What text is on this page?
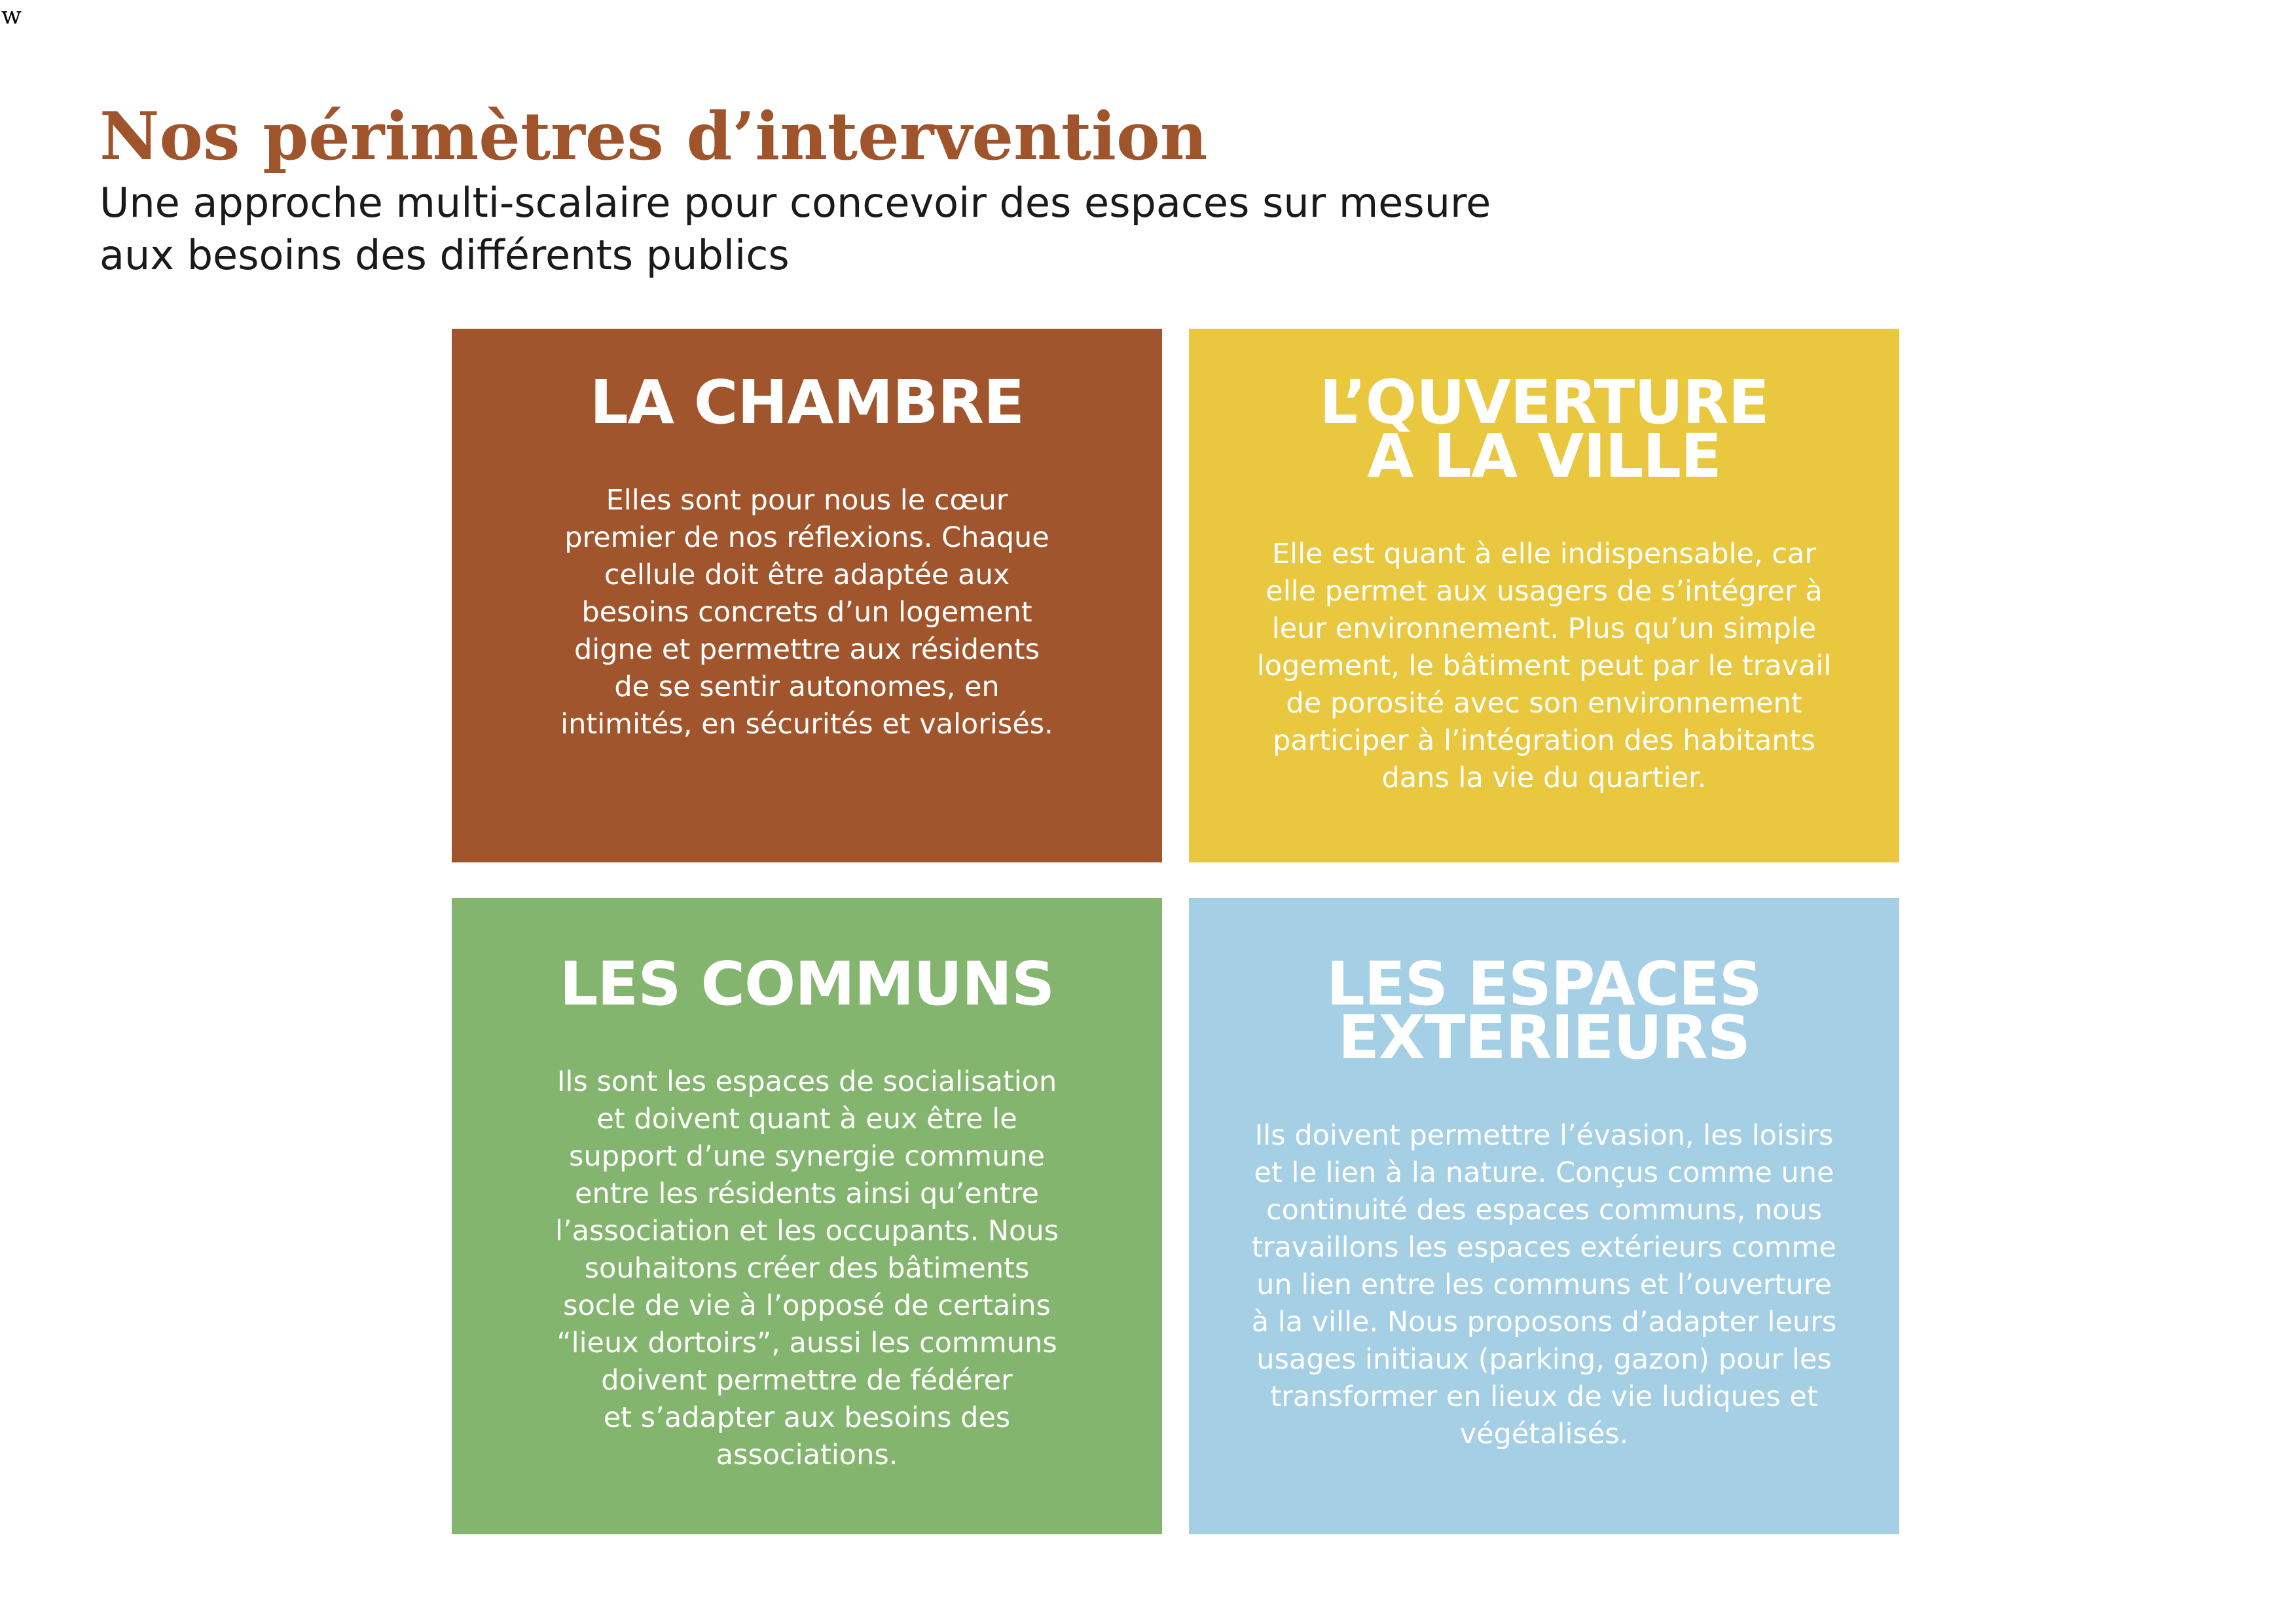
w
Nos périmètres d’intervention

Une approche multi-scalaire pour concevoir des espaces sur mesure
aux besoins des différents publics

LA CHAMBRE

Elles sont pour nous le cœur
premier de nos réflexions. Chaque
cellule doit être adaptée aux
besoins concrets d’un logement
digne et permettre aux résidents
de se sentir autonomes, en
intimités, en sécurités et valorisés.

L’QUVERTURE
A LA VILLE

Elle est quant à elle indispensable, car
elle permet aux usagers de s’intégrer à
leur environnement. Plus qu’un simple
logement, le bâtiment peut par le travail
de porosité avec son environnement
participer à l’intégration des habitants
dans la vie du quartier.

LES COMMUNS

Ils sont les espaces de socialisation
et doivent quant à eux être le
support d’une synergie commune
entre les résidents ainsi qu’entre
l’association et les occupants. Nous
souhaitons créer des bâtiments
socle de vie à l’opposé de certains
“lieux dortoirs”, aussi les communs
doivent permettre de fédérer
et s’adapter aux besoins des
associations.

LES ESPACES
EXTERIEURS

Ils doivent permettre l’évasion, les loisirs
et le lien à la nature. Conçus comme une
continuité des espaces communs, nous
travaillons les espaces extérieurs comme
un lien entre les communs et l’ouverture
à la ville. Nous proposons d’adapter leurs
usages initiaux (parking, gazon) pour les
transformer en lieux de vie ludiques et
végétalisés.
